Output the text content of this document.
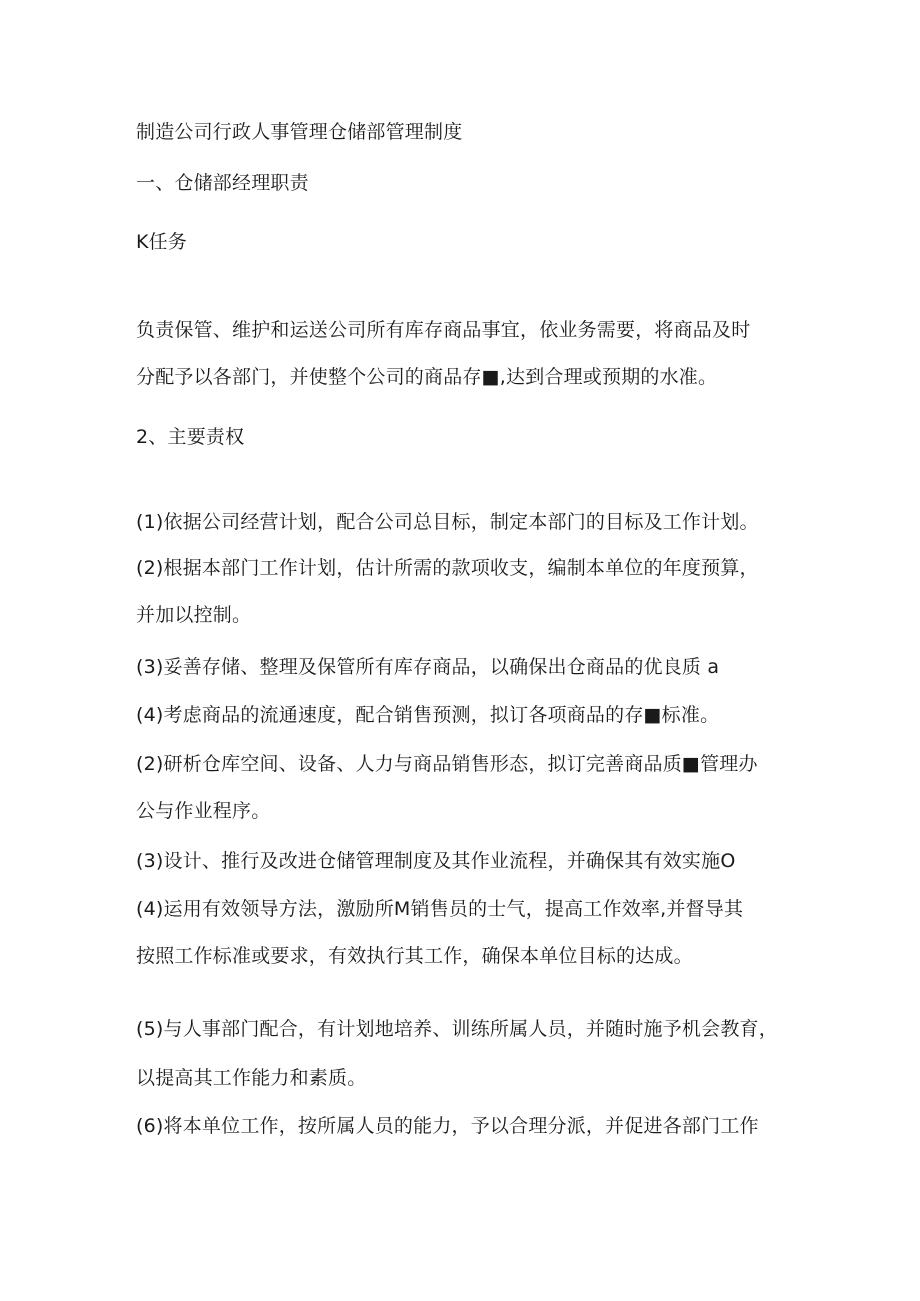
制造公司行政人事管理仓储部管理制度
一、仓储部经理职责
K任务
负责保管、维护和运送公司所有库存商品事宜，依业务需要，将商品及时
分配予以各部门，并使整个公司的商品存■,达到合理或预期的水准。
2、主要责权
(1)依据公司经营计划，配合公司总目标，制定本部门的目标及工作计划。
(2)根据本部门工作计划，估计所需的款项收支，编制本单位的年度预算，
并加以控制。
(3)妥善存储、整理及保管所有库存商品，以确保出仓商品的优良质 a
(4)考虑商品的流通速度，配合销售预测，拟订各项商品的存■标准。
(2)研析仓库空间、设备、人力与商品销售形态，拟订完善商品质■管理办
公与作业程序。
(3)设计、推行及改进仓储管理制度及其作业流程，并确保其有效实施O
(4)运用有效领导方法，激励所M销售员的士气，提高工作效率,并督导其
按照工作标准或要求，有效执行其工作，确保本单位目标的达成。
(5)与人事部门配合，有计划地培养、训练所属人员，并随时施予机会教育，
以提高其工作能力和素质。
(6)将本单位工作，按所属人员的能力，予以合理分派，并促进各部门工作
